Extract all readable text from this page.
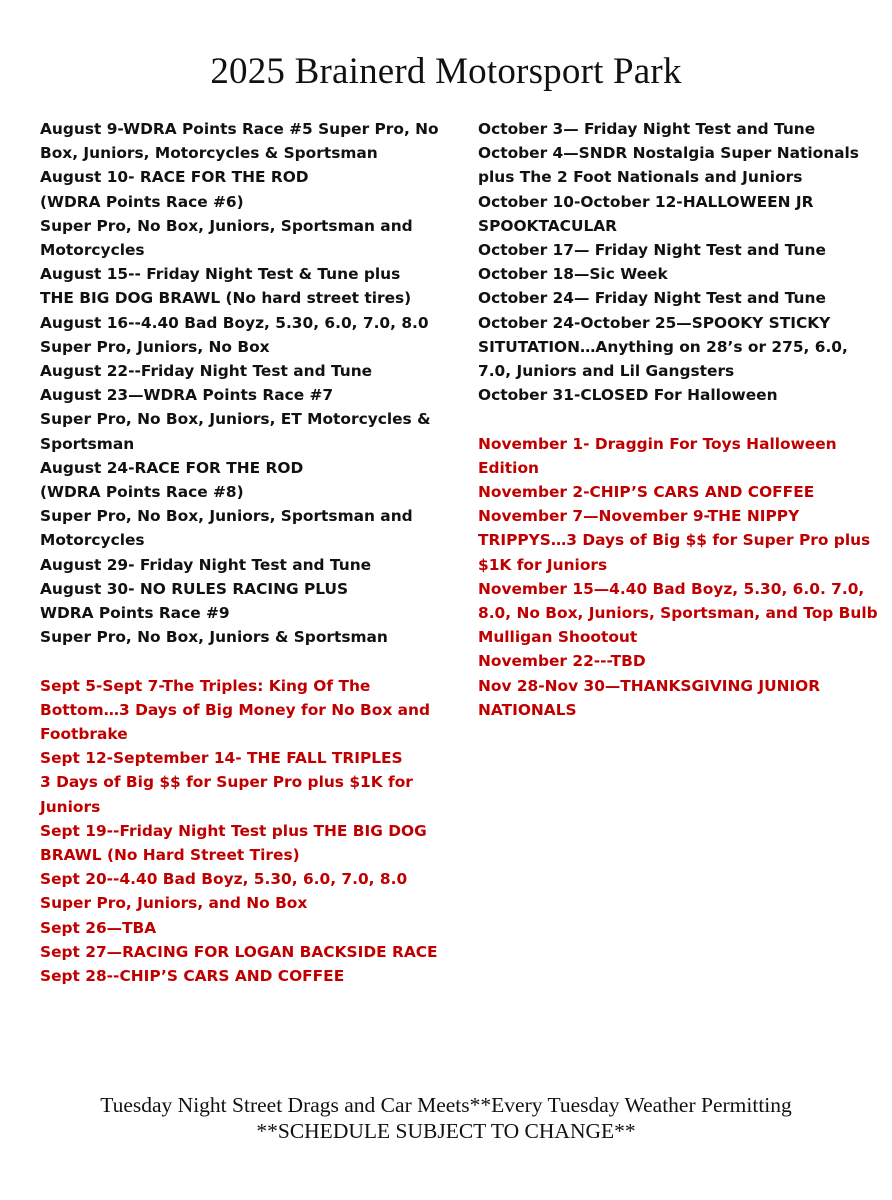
2025 Brainerd Motorsport Park
August 9-WDRA Points Race #5 Super Pro, No
Box, Juniors, Motorcycles & Sportsman
August 10- RACE FOR THE ROD
(WDRA Points Race #6)
Super Pro, No Box, Juniors, Sportsman and
Motorcycles
August 15-- Friday Night Test & Tune plus
THE BIG DOG BRAWL (No hard street tires)
August 16--4.40 Bad Boyz, 5.30, 6.0, 7.0, 8.0
Super Pro, Juniors, No Box
August 22--Friday Night Test and Tune
August 23—WDRA Points Race #7
Super Pro, No Box, Juniors, ET Motorcycles &
Sportsman
August 24-RACE FOR THE ROD
(WDRA Points Race #8)
Super Pro, No Box, Juniors, Sportsman and
Motorcycles
August 29- Friday Night Test and Tune
August 30- NO RULES RACING PLUS
WDRA Points Race #9
Super Pro, No Box, Juniors & Sportsman
Sept 5-Sept 7-The Triples: King Of The
Bottom…3 Days of Big Money for No Box and
Footbrake
Sept 12-September 14- THE FALL TRIPLES
3 Days of Big $$ for Super Pro plus $1K for
Juniors
Sept 19--Friday Night Test plus THE BIG DOG
BRAWL (No Hard Street Tires)
Sept 20--4.40 Bad Boyz, 5.30, 6.0, 7.0, 8.0
Super Pro, Juniors, and No Box
Sept 26—TBA
Sept 27—RACING FOR LOGAN BACKSIDE RACE
Sept 28--CHIP’S CARS AND COFFEE
October 3— Friday Night Test and Tune
October 4—SNDR Nostalgia Super Nationals
plus The 2 Foot Nationals and Juniors
October 10-October 12-HALLOWEEN JR
SPOOKTACULAR
October 17— Friday Night Test and Tune
October 18—Sic Week
October 24— Friday Night Test and Tune
October 24-October 25—SPOOKY STICKY
SITUTATION…Anything on 28’s or 275, 6.0,
7.0, Juniors and Lil Gangsters
October 31-CLOSED For Halloween
November 1- Draggin For Toys Halloween
Edition
November 2-CHIP’S CARS AND COFFEE
November 7—November 9-THE NIPPY
TRIPPYS…3 Days of Big $$ for Super Pro plus
$1K for Juniors
November 15—4.40 Bad Boyz, 5.30, 6.0. 7.0,
8.0, No Box, Juniors, Sportsman, and Top Bulb
Mulligan Shootout
November 22---TBD
Nov 28-Nov 30—THANKSGIVING JUNIOR
NATIONALS
Tuesday Night Street Drags and Car Meets**Every Tuesday Weather Permitting
**SCHEDULE SUBJECT TO CHANGE**
